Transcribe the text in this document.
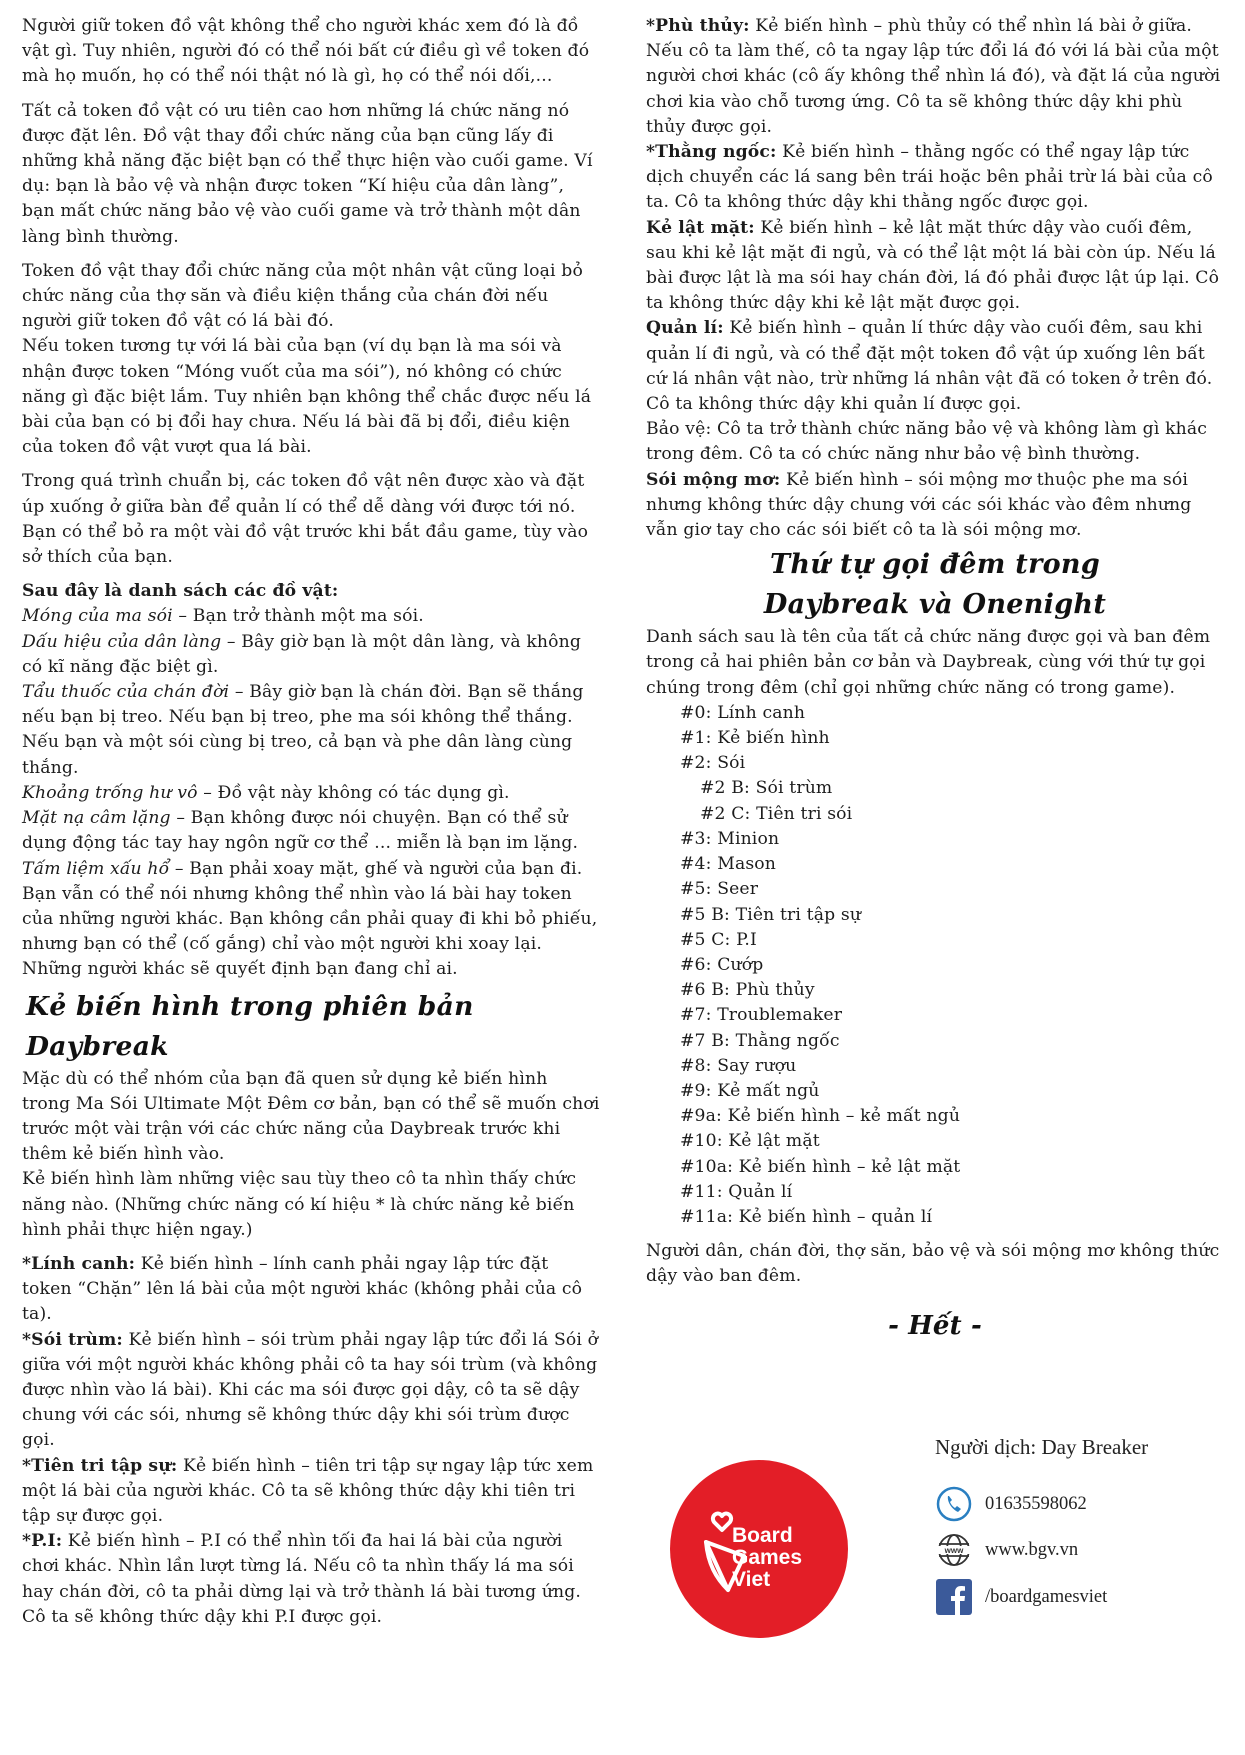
Người giữ token đồ vật không thể cho người khác xem đó là đồ vật gì. Tuy nhiên, người đó có thể nói bất cứ điều gì về token đó mà họ muốn, họ có thể nói thật nó là gì, họ có thể nói dối,...

Tất cả token đồ vật có ưu tiên cao hơn những lá chức năng nó được đặt lên. Đồ vật thay đổi chức năng của bạn cũng lấy đi những khả năng đặc biệt bạn có thể thực hiện vào cuối game. Ví dụ: bạn là bảo vệ và nhận được token “Kí hiệu của dân làng”, bạn mất chức năng bảo vệ vào cuối game và trở thành một dân làng bình thường.

Token đồ vật thay đổi chức năng của một nhân vật cũng loại bỏ chức năng của thợ săn và điều kiện thắng của chán đời nếu người giữ token đồ vật có lá bài đó.

Nếu token tương tự với lá bài của bạn (ví dụ bạn là ma sói và nhận được token “Móng vuốt của ma sói”), nó không có chức năng gì đặc biệt lắm. Tuy nhiên bạn không thể chắc được nếu lá bài của bạn có bị đổi hay chưa. Nếu lá bài đã bị đổi, điều kiện của token đồ vật vượt qua lá bài.

Trong quá trình chuẩn bị, các token đồ vật nên được xào và đặt úp xuống ở giữa bàn để quản lí có thể dễ dàng với được tới nó.

Bạn có thể bỏ ra một vài đồ vật trước khi bắt đầu game, tùy vào sở thích của bạn.

Sau đây là danh sách các đồ vật:

Móng của ma sói – Bạn trở thành một ma sói.

Dấu hiệu của dân làng – Bây giờ bạn là một dân làng, và không có kĩ năng đặc biệt gì.

Tẩu thuốc của chán đời – Bây giờ bạn là chán đời. Bạn sẽ thắng nếu bạn bị treo. Nếu bạn bị treo, phe ma sói không thể thắng. Nếu bạn và một sói cùng bị treo, cả bạn và phe dân làng cùng thắng.

Khoảng trống hư vô – Đồ vật này không có tác dụng gì.

Mặt nạ câm lặng – Bạn không được nói chuyện. Bạn có thể sử dụng động tác tay hay ngôn ngữ cơ thể ... miễn là bạn im lặng.

Tấm liệm xấu hổ – Bạn phải xoay mặt, ghế và người của bạn đi. Bạn vẫn có thể nói nhưng không thể nhìn vào lá bài hay token của những người khác. Bạn không cần phải quay đi khi bỏ phiếu, nhưng bạn có thể (cố gắng) chỉ vào một người khi xoay lại. Những người khác sẽ quyết định bạn đang chỉ ai.

Kẻ biến hình trong phiên bản Daybreak

Mặc dù có thể nhóm của bạn đã quen sử dụng kẻ biến hình trong Ma Sói Ultimate Một Đêm cơ bản, bạn có thể sẽ muốn chơi trước một vài trận với các chức năng của Daybreak trước khi thêm kẻ biến hình vào.

Kẻ biến hình làm những việc sau tùy theo cô ta nhìn thấy chức năng nào. (Những chức năng có kí hiệu * là chức năng kẻ biến hình phải thực hiện ngay.)

*Lính canh: Kẻ biến hình – lính canh phải ngay lập tức đặt token “Chặn” lên lá bài của một người khác (không phải của cô ta).

*Sói trùm: Kẻ biến hình – sói trùm phải ngay lập tức đổi lá Sói ở giữa với một người khác không phải cô ta hay sói trùm (và không được nhìn vào lá bài). Khi các ma sói được gọi dậy, cô ta sẽ dậy chung với các sói, nhưng sẽ không thức dậy khi sói trùm được gọi.

*Tiên tri tập sự: Kẻ biến hình – tiên tri tập sự ngay lập tức xem một lá bài của người khác. Cô ta sẽ không thức dậy khi tiên tri tập sự được gọi.

*P.I: Kẻ biến hình – P.I có thể nhìn tối đa hai lá bài của người chơi khác. Nhìn lần lượt từng lá. Nếu cô ta nhìn thấy lá ma sói hay chán đời, cô ta phải dừng lại và trở thành lá bài tương ứng. Cô ta sẽ không thức dậy khi P.I được gọi.

*Phù thủy: Kẻ biến hình – phù thủy có thể nhìn lá bài ở giữa. Nếu cô ta làm thế, cô ta ngay lập tức đổi lá đó với lá bài của một người chơi khác (cô ấy không thể nhìn lá đó), và đặt lá của người chơi kia vào chỗ tương ứng. Cô ta sẽ không thức dậy khi phù thủy được gọi.

*Thằng ngốc: Kẻ biến hình – thằng ngốc có thể ngay lập tức dịch chuyển các lá sang bên trái hoặc bên phải trừ lá bài của cô ta. Cô ta không thức dậy khi thằng ngốc được gọi.

Kẻ lật mặt: Kẻ biến hình – kẻ lật mặt thức dậy vào cuối đêm, sau khi kẻ lật mặt đi ngủ, và có thể lật một lá bài còn úp. Nếu lá bài được lật là ma sói hay chán đời, lá đó phải được lật úp lại. Cô ta không thức dậy khi kẻ lật mặt được gọi.

Quản lí: Kẻ biến hình – quản lí thức dậy vào cuối đêm, sau khi quản lí đi ngủ, và có thể đặt một token đồ vật úp xuống lên bất cứ lá nhân vật nào, trừ những lá nhân vật đã có token ở trên đó. Cô ta không thức dậy khi quản lí được gọi.

Bảo vệ: Cô ta trở thành chức năng bảo vệ và không làm gì khác trong đêm. Cô ta có chức năng như bảo vệ bình thường.

Sói mộng mơ: Kẻ biến hình – sói mộng mơ thuộc phe ma sói nhưng không thức dậy chung với các sói khác vào đêm nhưng vẫn giơ tay cho các sói biết cô ta là sói mộng mơ.

Thứ tự gọi đêm trong
Daybreak và Onenight

Danh sách sau là tên của tất cả chức năng được gọi và ban đêm trong cả hai phiên bản cơ bản và Daybreak, cùng với thứ tự gọi chúng trong đêm (chỉ gọi những chức năng có trong game).

#0: Lính canh
#1: Kẻ biến hình
#2: Sói
#2 B: Sói trùm
#2 C: Tiên tri sói
#3: Minion
#4: Mason
#5: Seer
#5 B: Tiên tri tập sự
#5 C: P.I
#6: Cướp
#6 B: Phù thủy
#7: Troublemaker
#7 B: Thằng ngốc
#8: Say rượu
#9: Kẻ mất ngủ
#9a: Kẻ biến hình – kẻ mất ngủ
#10: Kẻ lật mặt
#10a: Kẻ biến hình – kẻ lật mặt
#11: Quản lí
#11a: Kẻ biến hình – quản lí

Người dân, chán đời, thợ săn, bảo vệ và sói mộng mơ không thức dậy vào ban đêm.

- Hết -

Board
Games
Viet
Người dịch: Day Breaker
01635598062
www www.bgv.vn
/boardgamesviet
